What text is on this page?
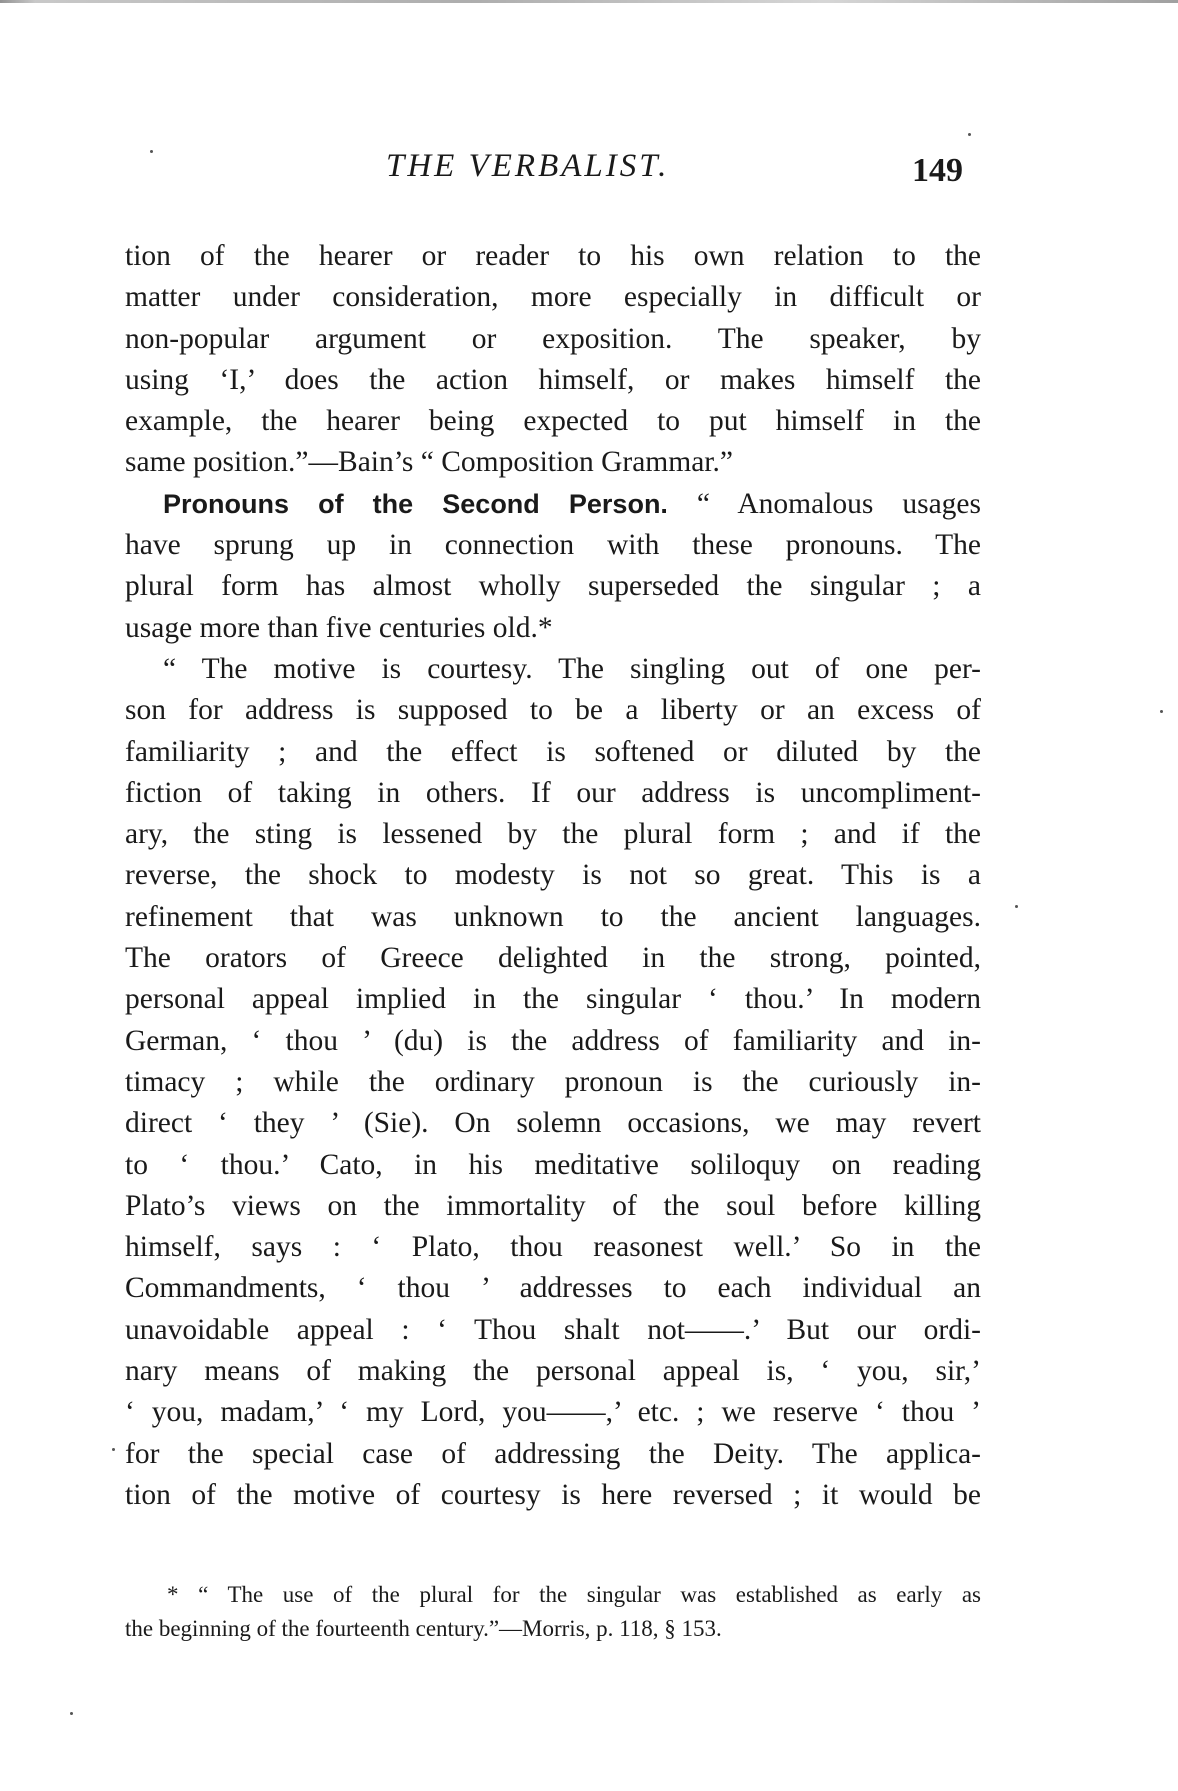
THE VERBALIST.	149
tion of the hearer or reader to his own relation to the
matter under consideration, more especially in difficult or
non-popular argument or exposition. The speaker, by
using ‘I,’ does the action himself, or makes himself the
example, the hearer being expected to put himself in the
same position.”—Bain’s “ Composition Grammar.”
Pronouns of the Second Person. “ Anomalous usages
have sprung up in connection with these pronouns. The
plural form has almost wholly superseded the singular ; a
usage more than five centuries old.*
“ The motive is courtesy. The singling out of one per-
son for address is supposed to be a liberty or an excess of
familiarity ; and the effect is softened or diluted by the
fiction of taking in others. If our address is uncompliment-
ary, the sting is lessened by the plural form ; and if the
reverse, the shock to modesty is not so great. This is a
refinement that was unknown to the ancient languages.
The orators of Greece delighted in the strong, pointed,
personal appeal implied in the singular ‘ thou.’ In modern
German, ‘ thou ’ (du) is the address of familiarity and in-
timacy ; while the ordinary pronoun is the curiously in-
direct ‘ they ’ (Sie). On solemn occasions, we may revert
to ‘ thou.’ Cato, in his meditative soliloquy on reading
Plato’s views on the immortality of the soul before killing
himself, says : ‘ Plato, thou reasonest well.’ So in the
Commandments, ‘ thou ’ addresses to each individual an
unavoidable appeal : ‘ Thou shalt not——.’ But our ordi-
nary means of making the personal appeal is, ‘ you, sir,’
‘ you, madam,’ ‘ my Lord, you——,’ etc. ; we reserve ‘ thou ’
for the special case of addressing the Deity. The applica-
tion of the motive of courtesy is here reversed ; it would be
* “ The use of the plural for the singular was established as early as
the beginning of the fourteenth century.”—Morris, p. 118, § 153.
